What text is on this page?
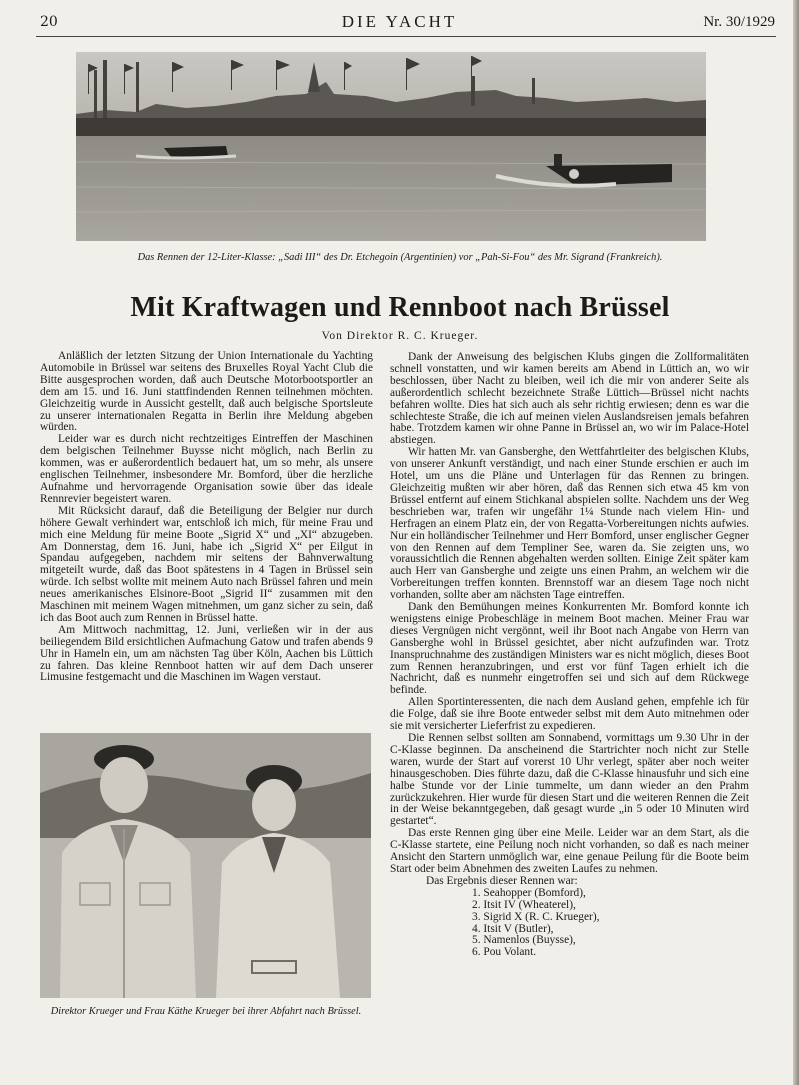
20	DIE YACHT	Nr. 30/1929
Das Rennen der 12-Liter-Klasse: „Sadi III“ des Dr. Etchegoin (Argentinien) vor „Pah-Si-Fou“ des Mr. Sigrand (Frankreich).
Mit Kraftwagen und Rennboot nach Brüssel
Von Direktor R. C. Krueger.

Anläßlich der letzten Sitzung der Union Internationale du Yachting Automobile in Brüssel war seitens des Bruxelles Royal Yacht Club die Bitte ausgesprochen worden, daß auch Deutsche Motorbootsportler an dem am 15. und 16. Juni stattfindenden Rennen teilnehmen möchten. Gleichzeitig wurde in Aussicht gestellt, daß auch belgische Sportsleute zu unserer internationalen Regatta in Berlin ihre Meldung abgeben würden.

Leider war es durch nicht rechtzeitiges Eintreffen der Maschinen dem belgischen Teilnehmer Buysse nicht möglich, nach Berlin zu kommen, was er außerordentlich bedauert hat, um so mehr, als unsere englischen Teilnehmer, insbesondere Mr. Bomford, über die herzliche Aufnahme und hervorragende Organisation sowie über das ideale Rennrevier begeistert waren.

Mit Rücksicht darauf, daß die Beteiligung der Belgier nur durch höhere Gewalt verhindert war, entschloß ich mich, für meine Frau und mich eine Meldung für meine Boote „Sigrid X“ und „XI“ abzugeben. Am Donnerstag, dem 16. Juni, habe ich „Sigrid X“ per Eilgut in Spandau aufgegeben, nachdem mir seitens der Bahnverwaltung mitgeteilt wurde, daß das Boot spätestens in 4 Tagen in Brüssel sein würde. Ich selbst wollte mit meinem Auto nach Brüssel fahren und mein neues amerikanisches Elsinore-Boot „Sigrid II“ zusammen mit den Maschinen mit meinem Wagen mitnehmen, um ganz sicher zu sein, daß ich das Boot auch zum Rennen in Brüssel hatte.

Am Mittwoch nachmittag, 12. Juni, verließen wir in der aus beiliegendem Bild ersichtlichen Aufmachung Gatow und trafen abends 9 Uhr in Hameln ein, um am nächsten Tag über Köln, Aachen bis Lüttich zu fahren. Das kleine Rennboot hatten wir auf dem Dach unserer Limusine festgemacht und die Maschinen im Wagen verstaut.

Direktor Krueger und Frau Käthe Krueger bei ihrer Abfahrt nach Brüssel.

Dank der Anweisung des belgischen Klubs gingen die Zollformalitäten schnell vonstatten, und wir kamen bereits am Abend in Lüttich an, wo wir beschlossen, über Nacht zu bleiben, weil ich die mir von anderer Seite als außerordentlich schlecht bezeichnete Straße Lüttich—Brüssel nicht nachts befahren wollte. Dies hat sich auch als sehr richtig erwiesen; denn es war die schlechteste Straße, die ich auf meinen vielen Auslandsreisen jemals befahren habe. Trotzdem kamen wir ohne Panne in Brüssel an, wo wir im Palace-Hotel abstiegen.

Wir hatten Mr. van Gansberghe, den Wettfahrtleiter des belgischen Klubs, von unserer Ankunft verständigt, und nach einer Stunde erschien er auch im Hotel, um uns die Pläne und Unterlagen für das Rennen zu bringen. Gleichzeitig mußten wir aber hören, daß das Rennen sich etwa 45 km von Brüssel entfernt auf einem Stichkanal abspielen sollte. Nachdem uns der Weg beschrieben war, trafen wir ungefähr 1¼ Stunde nach vielem Hin- und Herfragen an einem Platz ein, der von Regatta-Vorbereitungen nichts aufwies. Nur ein holländischer Teilnehmer und Herr Bomford, unser englischer Gegner von den Rennen auf dem Templiner See, waren da. Sie zeigten uns, wo voraussichtlich die Rennen abgehalten werden sollten. Einige Zeit später kam auch Herr van Gansberghe und zeigte uns einen Prahm, an welchem wir die Vorbereitungen treffen konnten. Brennstoff war an diesem Tage noch nicht vorhanden, sollte aber am nächsten Tage eintreffen.

Dank den Bemühungen meines Konkurrenten Mr. Bomford konnte ich wenigstens einige Probeschläge in meinem Boot machen. Meiner Frau war dieses Vergnügen nicht vergönnt, weil ihr Boot nach Angabe von Herrn van Gansberghe wohl in Brüssel gesichtet, aber nicht aufzufinden war. Trotz Inanspruchnahme des zuständigen Ministers war es nicht möglich, dieses Boot zum Rennen heranzubringen, und erst vor fünf Tagen erhielt ich die Nachricht, daß es nunmehr eingetroffen sei und sich auf dem Rückwege befinde.

Allen Sportinteressenten, die nach dem Ausland gehen, empfehle ich für die Folge, daß sie ihre Boote entweder selbst mit dem Auto mitnehmen oder sie mit versicherter Lieferfrist zu expedieren.

Die Rennen selbst sollten am Sonnabend, vormittags um 9.30 Uhr in der C-Klasse beginnen. Da anscheinend die Startrichter noch nicht zur Stelle waren, wurde der Start auf vorerst 10 Uhr verlegt, später aber noch weiter hinausgeschoben. Dies führte dazu, daß die C-Klasse hinausfuhr und sich eine halbe Stunde vor der Linie tummelte, um dann wieder an den Prahm zurückzukehren. Hier wurde für diesen Start und die weiteren Rennen die Zeit in der Weise bekanntgegeben, daß gesagt wurde „in 5 oder 10 Minuten wird gestartet“.

Das erste Rennen ging über eine Meile. Leider war an dem Start, als die C-Klasse startete, eine Peilung noch nicht vorhanden, so daß es nach meiner Ansicht den Startern unmöglich war, eine genaue Peilung für die Boote beim Start oder beim Abnehmen des zweiten Laufes zu nehmen.

Das Ergebnis dieser Rennen war:

1. Seahopper (Bomford),
2. Itsit IV (Wheaterel),
3. Sigrid X (R. C. Krueger),
4. Itsit V (Butler),
5. Namenlos (Buysse),
6. Pou Volant.
